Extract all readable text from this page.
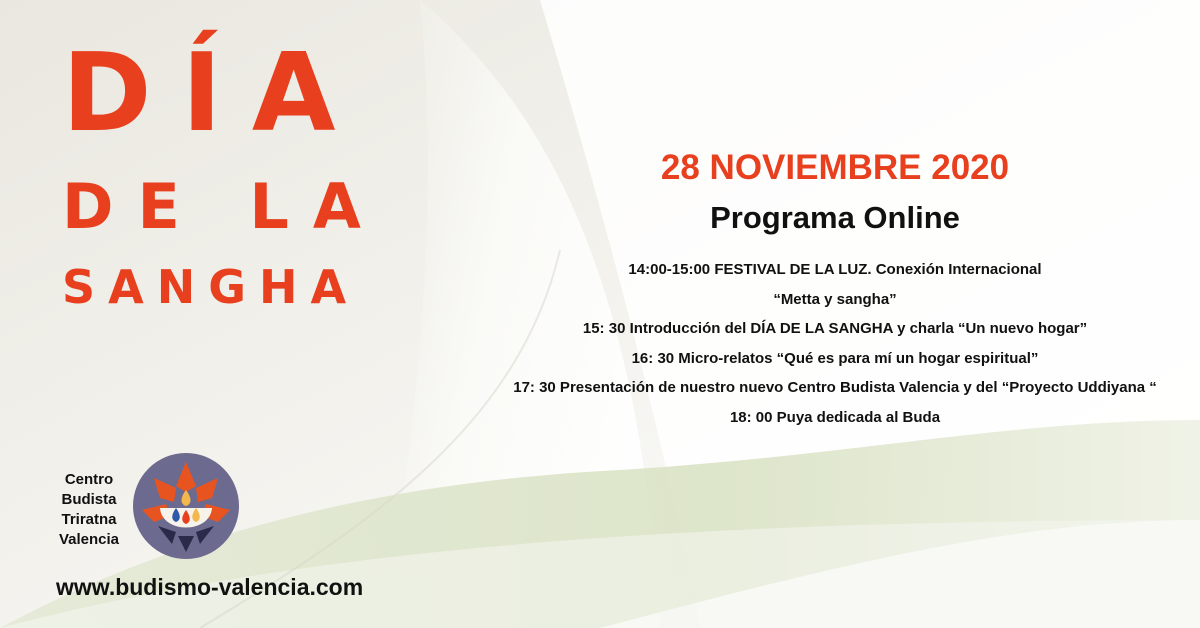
DÍA
DE LA
SANGHA
28 NOVIEMBRE 2020
Programa Online
14:00-15:00 FESTIVAL DE LA LUZ. Conexión Internacional
“Metta y sangha”
15: 30 Introducción del DÍA DE LA SANGHA y charla “Un nuevo hogar”
16: 30 Micro-relatos “Qué es para mí un hogar espiritual”
17: 30 Presentación de nuestro nuevo Centro Budista Valencia y del “Proyecto Uddiyana “
18: 00 Puya dedicada al Buda
Centro
Budista
Triratna
Valencia

www.budismo-valencia.com
